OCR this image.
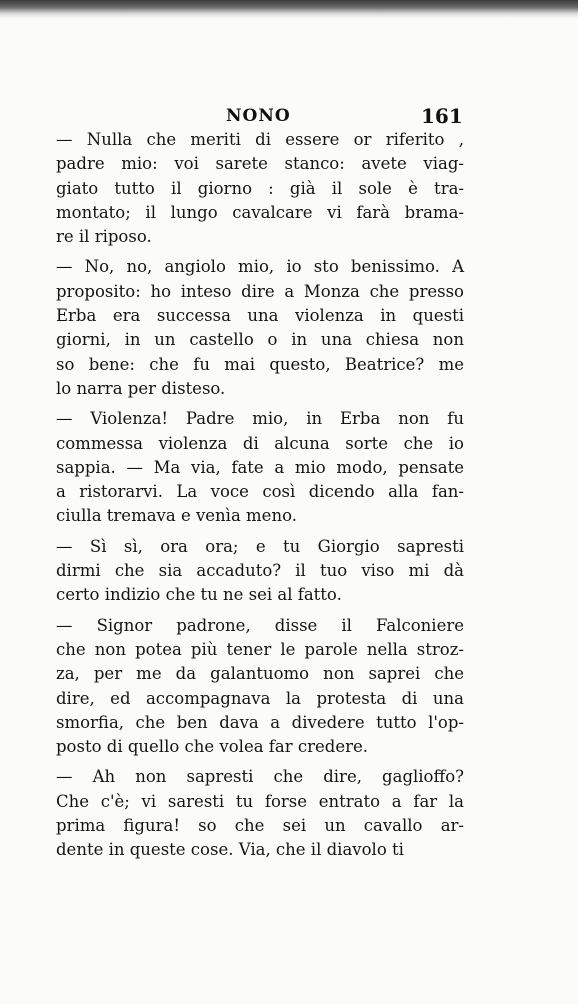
NONO	161
— Nulla che meriti di essere or riferito ,
padre mio: voi sarete stanco: avete viag-
giato tutto il giorno : già il sole è tra-
montato; il lungo cavalcare vi farà brama-
re il riposo.
— No, no, angiolo mio, io sto benissimo. A
proposito: ho inteso dire a Monza che presso
Erba era successa una violenza in questi
giorni, in un castello o in una chiesa non
so bene: che fu mai questo, Beatrice? me
lo narra per disteso.
— Violenza! Padre mio, in Erba non fu
commessa violenza di alcuna sorte che io
sappia. — Ma via, fate a mio modo, pensate
a ristorarvi. La voce così dicendo alla fan-
ciulla tremava e venìa meno.
— Sì sì, ora ora; e tu Giorgio sapresti
dirmi che sia accaduto? il tuo viso mi dà
certo indizio che tu ne sei al fatto.
— Signor padrone, disse il Falconiere
che non potea più tener le parole nella stroz-
za, per me da galantuomo non saprei che
dire, ed accompagnava la protesta di una
smorfia, che ben dava a divedere tutto l'op-
posto di quello che volea far credere.
— Ah non sapresti che dire, gaglioffo?
Che c'è; vi saresti tu forse entrato a far la
prima figura! so che sei un cavallo ar-
dente in queste cose. Via, che il diavolo ti
